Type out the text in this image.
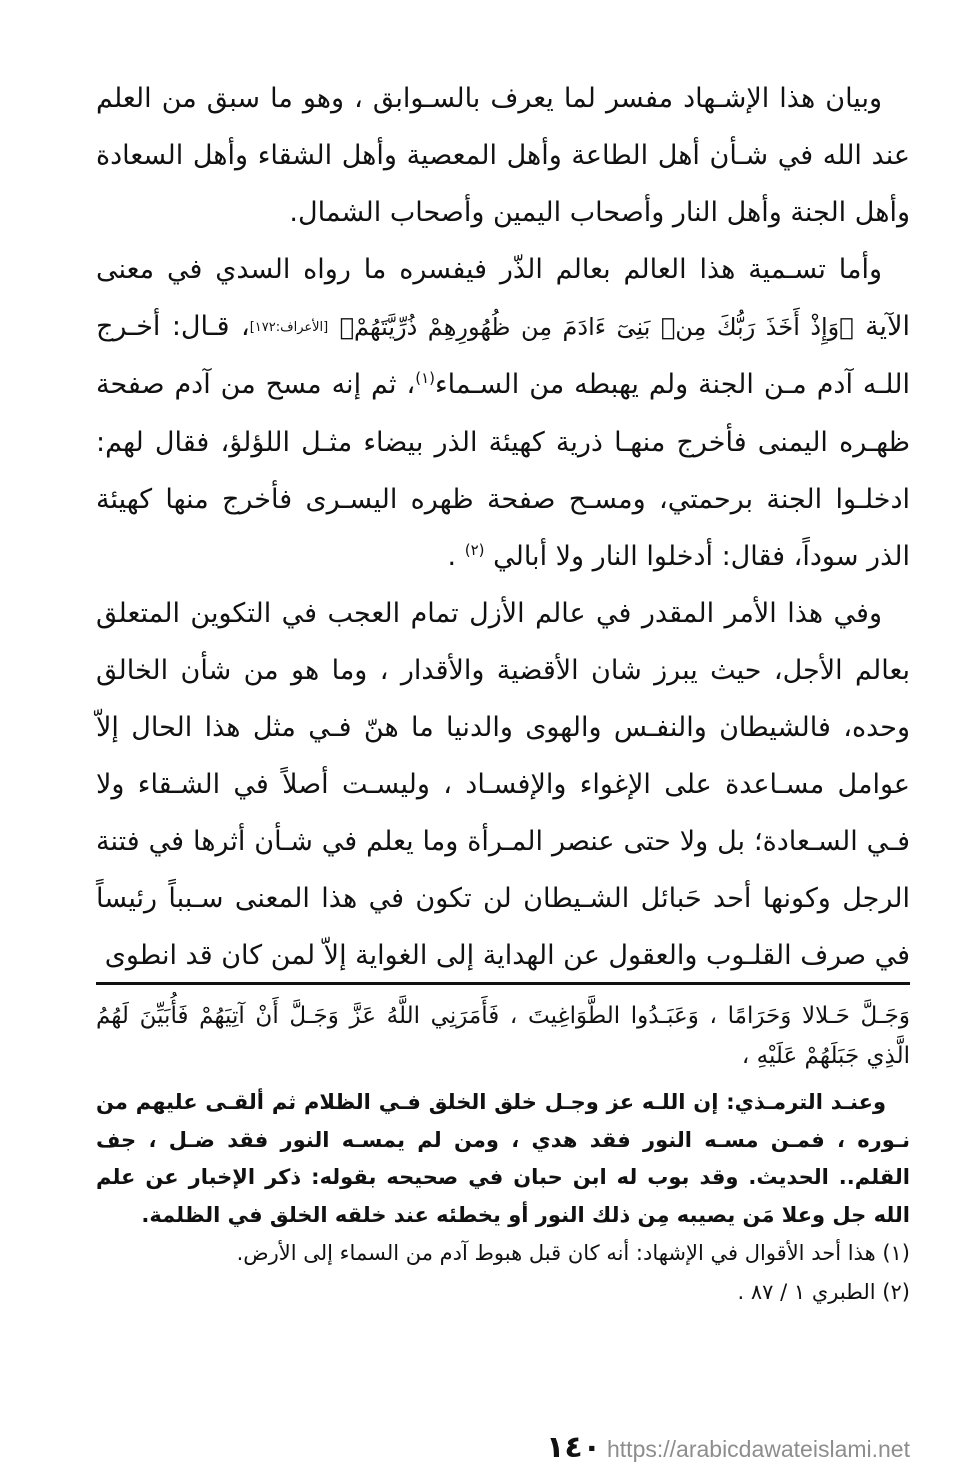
وبيان هذا الإشـهاد مفسر لما يعرف بالسـوابق ، وهو ما سبق من العلم عند الله في شـأن أهل الطاعة وأهل المعصية وأهل الشقاء وأهل السعادة وأهل الجنة وأهل النار وأصحاب اليمين وأصحاب الشمال.

وأما تسـمية هذا العالم بعالم الذّر فيفسره ما رواه السدي في معنى الآية ﴿وَإِذْ أَخَذَ رَبُّكَ مِنۢ بَنِىٓ ءَادَمَ مِن ظُهُورِهِمْ ذُرِّيَّتَهُمْ﴾ [الأعراف:١٧٢]، قـال: أخـرج اللـه آدم مـن الجنة ولم يهبطه من السـماء$^{(١)}$، ثم إنه مسح من آدم صفحة ظهـره اليمنى فأخرج منهـا ذرية كهيئة الذر بيضاء مثـل اللؤلؤ، فقال لهم: ادخلـوا الجنة برحمتي، ومسـح صفحة ظهره اليسـرى فأخرج منها كهيئة الذر سوداً، فقال: أدخلوا النار ولا أبالي $^{(٢)}$ .

وفي هذا الأمر المقدر في عالم الأزل تمام العجب في التكوين المتعلق بعالم الأجل، حيث يبرز شان الأقضية والأقدار ، وما هو من شأن الخالق وحده، فالشيطان والنفـس والهوى والدنيا ما هنّ فـي مثل هذا الحال إلاّ عوامل مسـاعدة على الإغواء والإفسـاد ، وليسـت أصلاً في الشـقاء ولا فـي السـعادة؛ بل ولا حتى عنصر المـرأة وما يعلم في شـأن أثرها في فتنة الرجل وكونها أحد حَبائل الشـيطان لن تكون في هذا المعنى سـبباً رئيساً في صرف القلـوب والعقول عن الهداية إلى الغواية إلاّ لمن كان قد انطوى

وَجَـلَّ حَـلالا وَحَرَامًا ، وَعَبَـدُوا الطَّوَاغِيتَ ، فَأَمَرَنِي اللَّهُ عَزَّ وَجَـلَّ أَنْ آتِيَهُمْ فَأُبَيِّنَ لَهُمُ الَّذِي جَبَلَهُمْ عَلَيْهِ ،

وعنـد الترمـذي: إن اللـه عز وجـل خلق الخلق فـي الظلام ثم ألقـى عليهم من نـوره ، فمـن مسـه النور فقد هدي ، ومن لم يمسـه النور فقد ضـل ، جف القلم.. الحديث. وقد بوب له ابن حبان في صحيحه بقوله: ذكر الإخبار عن علم الله جل وعلا مَن يصيبه مِن ذلك النور أو يخطئه عند خلقه الخلق في الظلمة.

(١) هذا أحد الأقوال في الإشهاد: أنه كان قبل هبوط آدم من السماء إلى الأرض.

(٢) الطبري ١ / ٨٧ .

١٤٠ https://arabicdawateislami.net
